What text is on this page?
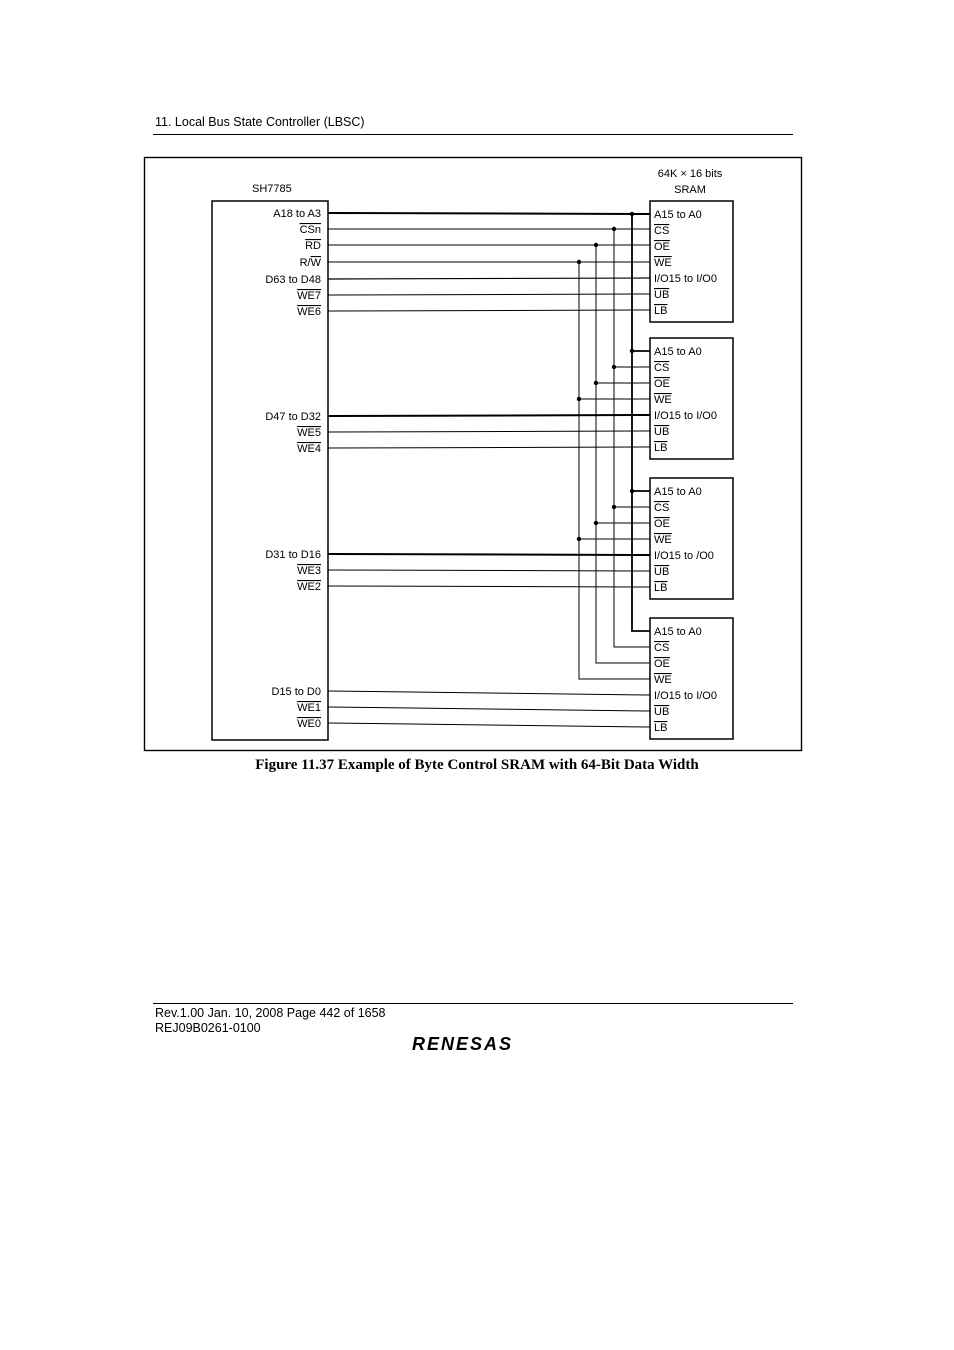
11. Local Bus State Controller (LBSC)
SH7785
64K × 16 bits
SRAM
A15 to A0
CS
OE
WE
I/O15 to I/O0
UB
LB
A15 to A0
CS
OE
WE
I/O15 to I/O0
UB
LB
A15 to A0
CS
OE
WE
I/O15 to /O0
UB
LB
A15 to A0
CS
OE
WE
I/O15 to I/O0
UB
LB
A18 to A3
CSn
RD
R/W
D63 to D48
WE7
WE6
D47 to D32
WE5
WE4
D31 to D16
WE3
WE2
D15 to D0
WE1
WE0
Figure 11.37 Example of Byte Control SRAM with 64-Bit Data Width
Rev.1.00 Jan. 10, 2008 Page 442 of 1658
REJ09B0261-0100
RENESAS
